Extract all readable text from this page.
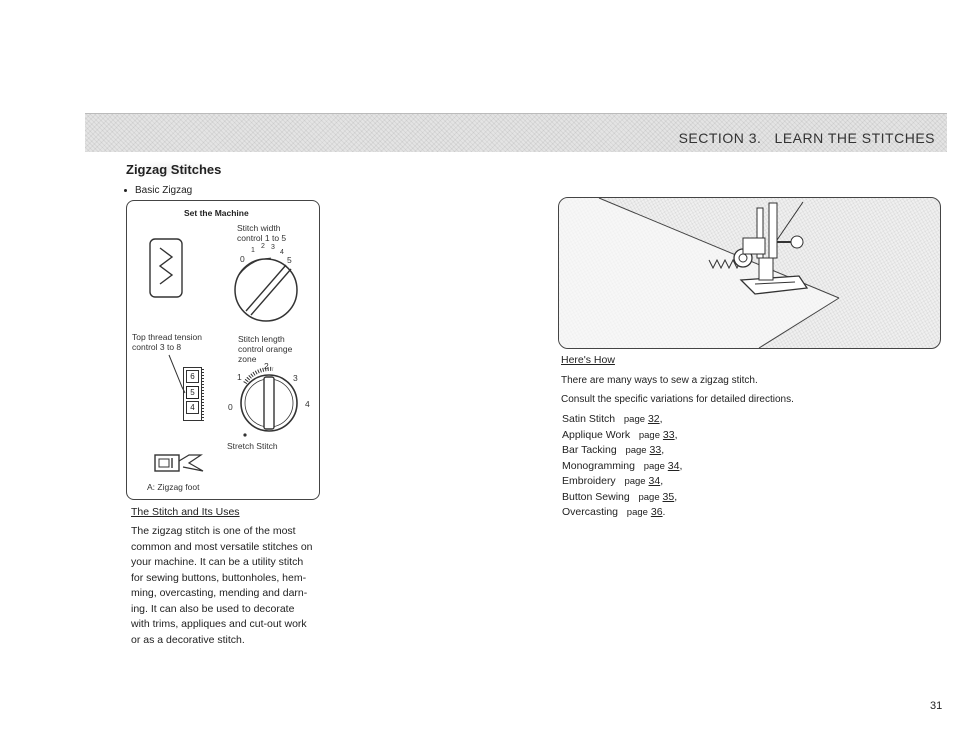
SECTION 3.   LEARN THE STITCHES
Zigzag Stitches
Basic Zigzag
Set the Machine
Stitch width
control 1 to 5
0
1
2 3
4
5
Top thread tension
control 3 to 8
6
5
4
Stitch length
control orange
zone
0
1
2
3
4
Stretch Stitch
A: Zigzag foot
The Stitch and Its Uses
The zigzag stitch is one of the most
common and most versatile stitches on
your machine. It can be a utility stitch
for sewing buttons, buttonholes, hem-
ming, overcasting, mending and darn-
ing. It can also be used to decorate
with trims, appliques and cut-out work
or as a decorative stitch.
Here's How
There are many ways to sew a zigzag stitch.
Consult the specific variations for detailed directions.
Satin Stitch page 32,
Applique Work page 33,
Bar Tacking page 33,
Monogramming page 34,
Embroidery page 34,
Button Sewing page 35,
Overcasting page 36.
31
